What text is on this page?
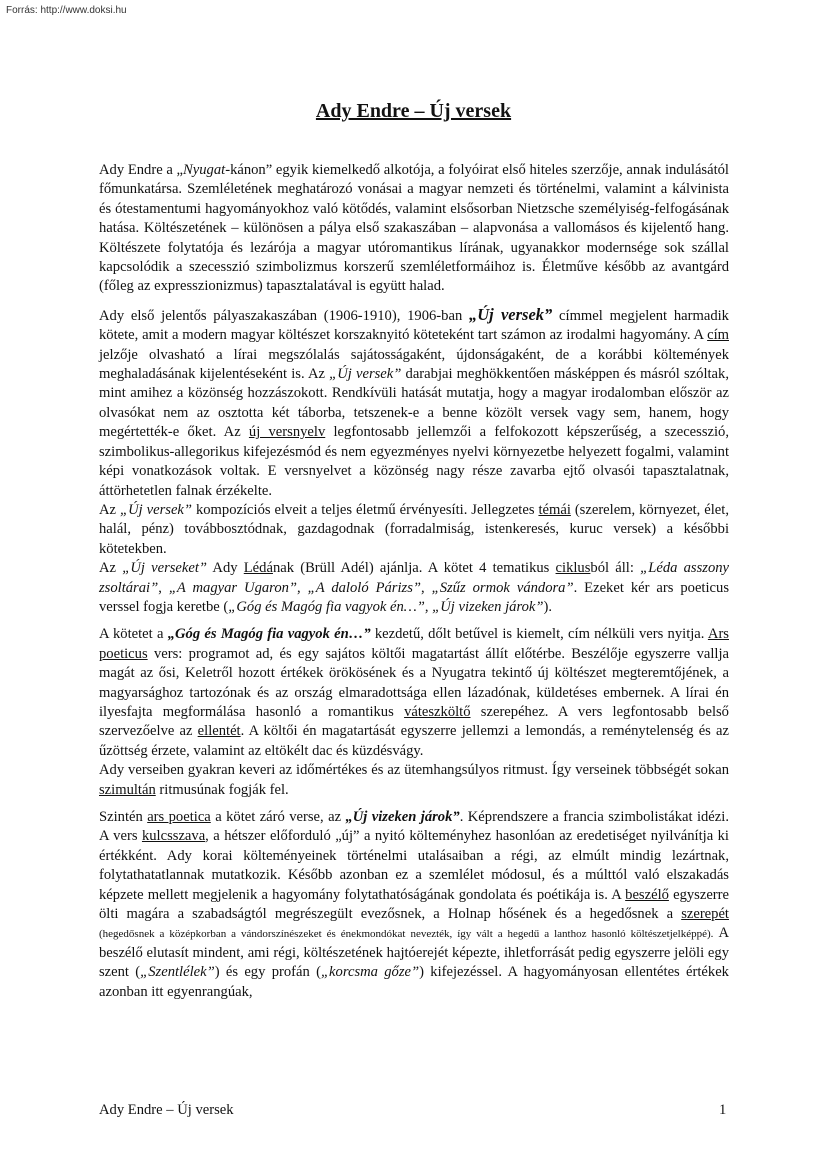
Forrás: http://www.doksi.hu
Ady Endre – Új versek

Ady Endre a „Nyugat-kánon” egyik kiemelkedő alkotója, a folyóirat első hiteles szerzője, annak indulásától főmunkatársa. Szemléletének meghatározó vonásai a magyar nemzeti és történelmi, valamint a kálvinista és ótestamentumi hagyományokhoz való kötődés, valamint elsősorban Nietzsche személyiség-felfogásának hatása. Költészetének – különösen a pálya első szakaszában – alapvonása a vallomásos és kijelentő hang. Költészete folytatója és lezárója a magyar utóromantikus lírának, ugyanakkor modernsége sok szállal kapcsolódik a szecesszió szimbolizmus korszerű szemléletformáihoz is. Életműve később az avantgárd (főleg az expresszionizmus) tapasztalatával is együtt halad.

Ady első jelentős pályaszakaszában (1906-1910), 1906-ban „Új versek” címmel megjelent harmadik kötete, amit a modern magyar költészet korszaknyitó köteteként tart számon az irodalmi hagyomány. A cím jelzője olvasható a lírai megszólalás sajátosságaként, újdonságaként, de a korábbi költemények meghaladásának kijelentéseként is. Az „Új versek” darabjai meghökkentően másképpen és másról szóltak, mint amihez a közönség hozzászokott. Rendkívüli hatását mutatja, hogy a magyar irodalomban először az olvasókat nem az osztotta két táborba, tetszenek-e a benne közölt versek vagy sem, hanem, hogy megértették-e őket. Az új versnyelv legfontosabb jellemzői a felfokozott képszerűség, a szecesszió, szimbolikus-allegorikus kifejezésmód és nem egyezményes nyelvi környezetbe helyezett fogalmi, valamint képi vonatkozások voltak. E versnyelvet a közönség nagy része zavarba ejtő olvasói tapasztalatnak, áttörhetetlen falnak érzékelte.

Az „Új versek” kompozíciós elveit a teljes életmű érvényesíti. Jellegzetes témái (szerelem, környezet, élet, halál, pénz) továbbosztódnak, gazdagodnak (forradalmiság, istenkeresés, kuruc versek) a későbbi kötetekben.

Az „Új verseket” Ady Lédának (Brüll Adél) ajánlja. A kötet 4 tematikus ciklusból áll: „Léda asszony zsoltárai”, „A magyar Ugaron”, „A daloló Párizs”, „Szűz ormok vándora”. Ezeket kér ars poeticus verssel fogja keretbe („Góg és Magóg fia vagyok én…”, „Új vizeken járok”).

A kötetet a „Góg és Magóg fia vagyok én…” kezdetű, dőlt betűvel is kiemelt, cím nélküli vers nyitja. Ars poeticus vers: programot ad, és egy sajátos költői magatartást állít előtérbe. Beszélője egyszerre vallja magát az ősi, Keletről hozott értékek örökösének és a Nyugatra tekintő új költészet megteremtőjének, a magyarsághoz tartozónak és az ország elmaradottsága ellen lázadónak, küldetéses embernek. A lírai én ilyesfajta megformálása hasonló a romantikus váteszköltő szerepéhez. A vers legfontosabb belső szervezőelve az ellentét. A költői én magatartását egyszerre jellemzi a lemondás, a reménytelenség és az űzöttség érzete, valamint az eltökélt dac és küzdésvágy.

Ady verseiben gyakran keveri az időmértékes és az ütemhangsúlyos ritmust. Így verseinek többségét sokan szimultán ritmusúnak fogják fel.

Szintén ars poetica a kötet záró verse, az „Új vizeken járok”. Képrendszere a francia szimbolistákat idézi. A vers kulcsszava, a hétszer előforduló „új” a nyitó költeményhez hasonlóan az eredetiséget nyilvánítja ki értékként. Ady korai költeményeinek történelmi utalásaiban a régi, az elmúlt mindig lezártnak, folytathatatlannak mutatkozik. Később azonban ez a szemlélet módosul, és a múlttól való elszakadás képzete mellett megjelenik a hagyomány folytathatóságának gondolata és poétikája is. A beszélő egyszerre ölti magára a szabadságtól megrészegült evezősnek, a Holnap hősének és a hegedősnek a szerepét (hegedősnek a középkorban a vándorszínészeket és énekmondókat nevezték, így vált a hegedű a lanthoz hasonló költészetjelképpé). A beszélő elutasít mindent, ami régi, költészetének hajtóerejét képezte, ihletforrását pedig egyszerre jelöli egy szent („Szentlélek”) és egy profán („korcsma gőze”) kifejezéssel. A hagyományosan ellentétes értékek azonban itt egyenrangúak,

Ady Endre – Új versek	1
